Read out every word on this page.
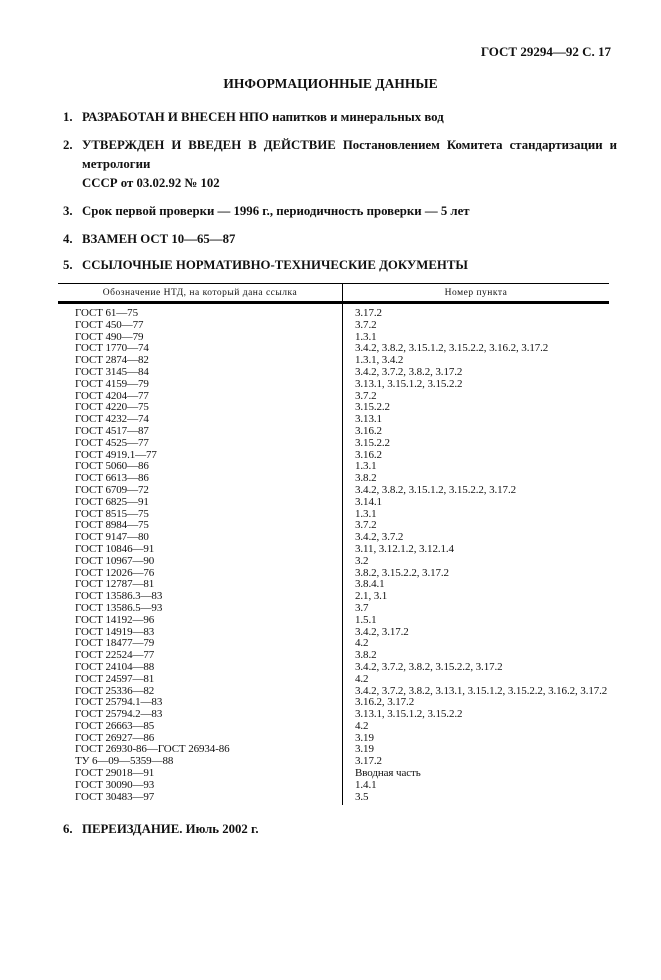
ГОСТ 29294—92 С. 17
ИНФОРМАЦИОННЫЕ ДАННЫЕ
1. РАЗРАБОТАН И ВНЕСЕН НПО напитков и минеральных вод
2. УТВЕРЖДЕН И ВВЕДЕН В ДЕЙСТВИЕ Постановлением Комитета стандартизации и метрологии
СССР от 03.02.92 № 102
3. Срок первой проверки — 1996 г., периодичность проверки — 5 лет
4. ВЗАМЕН ОСТ 10—65—87
5. ССЫЛОЧНЫЕ НОРМАТИВНО-ТЕХНИЧЕСКИЕ ДОКУМЕНТЫ
Обозначение НТД, на который дана ссылка	Номер пункта
ГОСТ 61—75	3.17.2
ГОСТ 450—77	3.7.2
ГОСТ 490—79	1.3.1
ГОСТ 1770—74	3.4.2, 3.8.2, 3.15.1.2, 3.15.2.2, 3.16.2, 3.17.2
ГОСТ 2874—82	1.3.1, 3.4.2
ГОСТ 3145—84	3.4.2, 3.7.2, 3.8.2, 3.17.2
ГОСТ 4159—79	3.13.1, 3.15.1.2, 3.15.2.2
ГОСТ 4204—77	3.7.2
ГОСТ 4220—75	3.15.2.2
ГОСТ 4232—74	3.13.1
ГОСТ 4517—87	3.16.2
ГОСТ 4525—77	3.15.2.2
ГОСТ 4919.1—77	3.16.2
ГОСТ 5060—86	1.3.1
ГОСТ 6613—86	3.8.2
ГОСТ 6709—72	3.4.2, 3.8.2, 3.15.1.2, 3.15.2.2, 3.17.2
ГОСТ 6825—91	3.14.1
ГОСТ 8515—75	1.3.1
ГОСТ 8984—75	3.7.2
ГОСТ 9147—80	3.4.2, 3.7.2
ГОСТ 10846—91	3.11, 3.12.1.2, 3.12.1.4
ГОСТ 10967—90	3.2
ГОСТ 12026—76	3.8.2, 3.15.2.2, 3.17.2
ГОСТ 12787—81	3.8.4.1
ГОСТ 13586.3—83	2.1, 3.1
ГОСТ 13586.5—93	3.7
ГОСТ 14192—96	1.5.1
ГОСТ 14919—83	3.4.2, 3.17.2
ГОСТ 18477—79	4.2
ГОСТ 22524—77	3.8.2
ГОСТ 24104—88	3.4.2, 3.7.2, 3.8.2, 3.15.2.2, 3.17.2
ГОСТ 24597—81	4.2
ГОСТ 25336—82	3.4.2, 3.7.2, 3.8.2, 3.13.1, 3.15.1.2, 3.15.2.2, 3.16.2, 3.17.2
ГОСТ 25794.1—83	3.16.2, 3.17.2
ГОСТ 25794.2—83	3.13.1, 3.15.1.2, 3.15.2.2
ГОСТ 26663—85	4.2
ГОСТ 26927—86	3.19
ГОСТ 26930-86—ГОСТ 26934-86	3.19
ТУ 6—09—5359—88	3.17.2
ГОСТ 29018—91	Вводная часть
ГОСТ 30090—93	1.4.1
ГОСТ 30483—97	3.5
6. ПЕРЕИЗДАНИЕ. Июль 2002 г.
